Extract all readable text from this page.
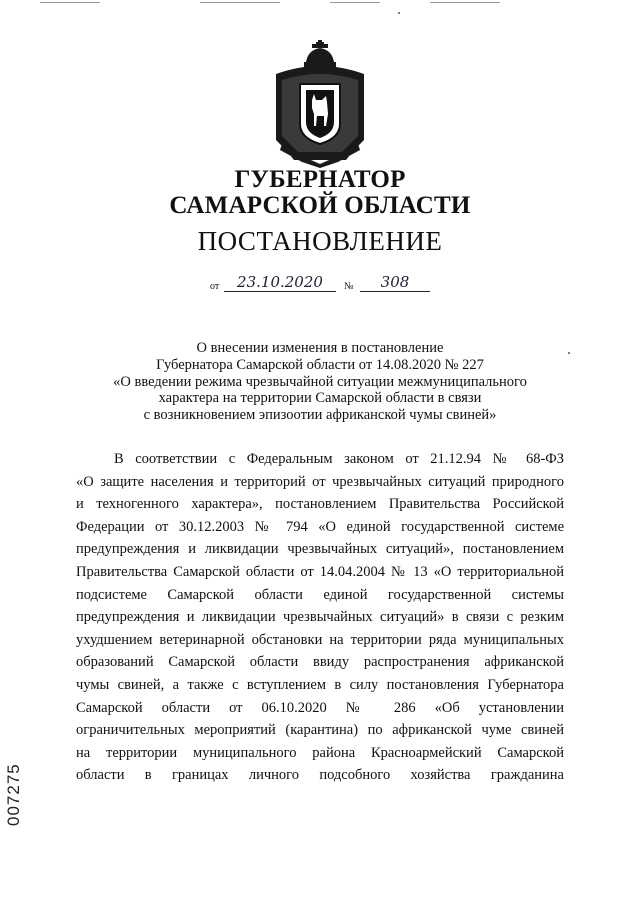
ГУБЕРНАТОР
САМАРСКОЙ ОБЛАСТИ
ПОСТАНОВЛЕНИЕ
от	23.10.2020	№	308
О внесении изменения в постановление
Губернатора Самарской области от 14.08.2020 № 227
«О введении режима чрезвычайной ситуации межмуниципального
характера на территории Самарской области в связи
с возникновением эпизоотии африканской чумы свиней»
В соответствии с Федеральным законом от 21.12.94 № 68-ФЗ
«О защите населения и территорий от чрезвычайных ситуаций природного
и техногенного характера», постановлением Правительства Российской
Федерации от 30.12.2003 № 794 «О единой государственной системе
предупреждения и ликвидации чрезвычайных ситуаций», постановлением
Правительства Самарской области от 14.04.2004 № 13 «О территориальной
подсистеме Самарской области единой государственной системы
предупреждения и ликвидации чрезвычайных ситуаций» в связи с резким
ухудшением ветеринарной обстановки на территории ряда муниципальных
образований Самарской области ввиду распространения африканской
чумы свиней, а также с вступлением в силу постановления Губернатора
Самарской области от 06.10.2020 № 286 «Об установлении
ограничительных мероприятий (карантина) по африканской чуме свиней
на территории муниципального района Красноармейский Самарской
области в границах личного подсобного хозяйства гражданина
007275
